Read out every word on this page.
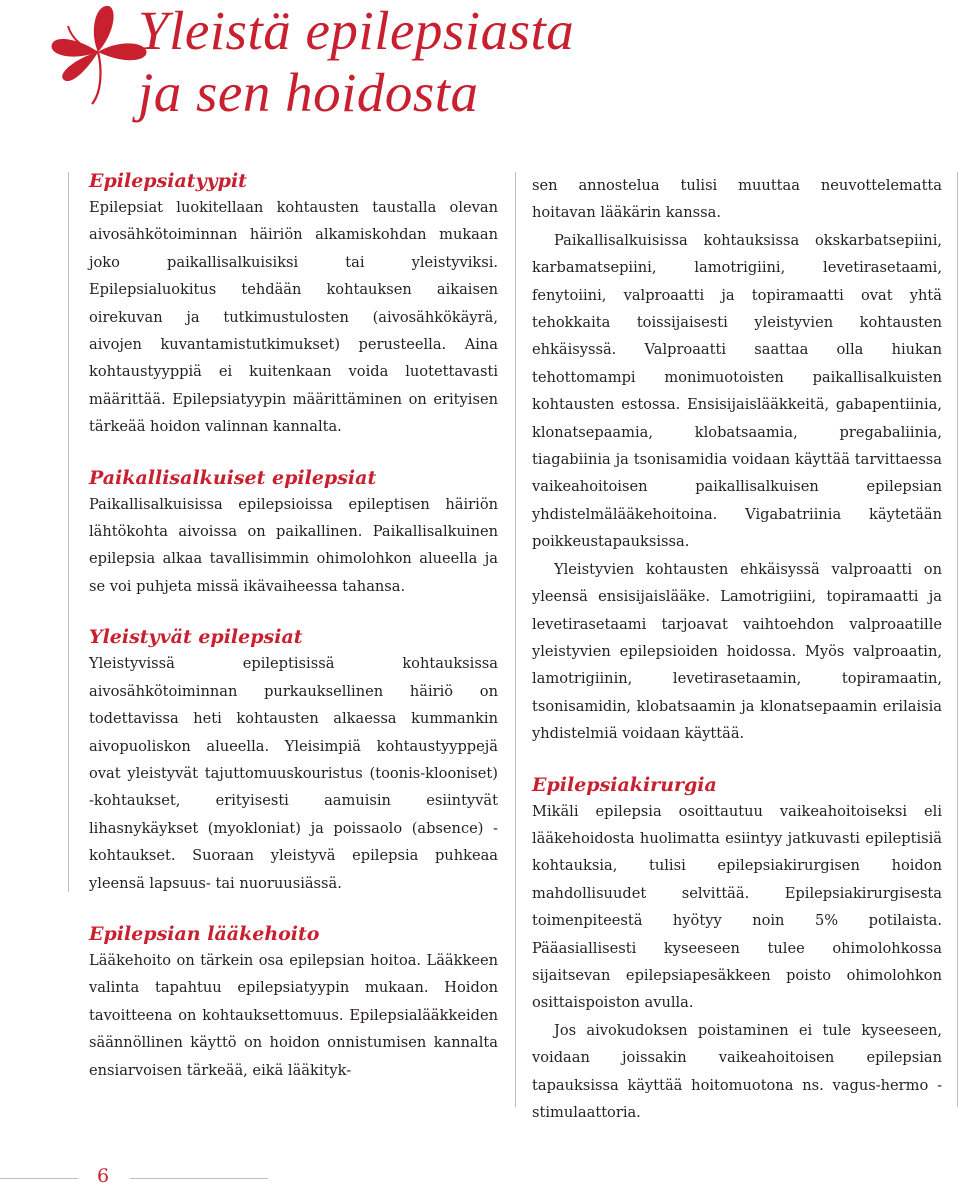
Yleistä epilepsiasta
ja sen hoidosta
Epilepsiatyypit

Epilepsiat luokitellaan kohtausten taustalla olevan aivosähkötoiminnan häiriön alkamiskohdan mukaan joko paikallisalkuisiksi tai yleistyviksi. Epilepsialuokitus tehdään kohtauksen aikaisen oirekuvan ja tutkimustulosten (aivosähkökäyrä, aivojen kuvantamistutkimukset) perusteella. Aina kohtaustyyppiä ei kuitenkaan voida luotettavasti määrittää. Epilepsiatyypin määrittäminen on erityisen tärkeää hoidon valinnan kannalta.

Paikallisalkuiset epilepsiat

Paikallisalkuisissa epilepsioissa epileptisen häiriön lähtökohta aivoissa on paikallinen. Paikallisalkuinen epilepsia alkaa tavallisimmin ohimolohkon alueella ja se voi puhjeta missä ikävaiheessa tahansa.

Yleistyvät epilepsiat

Yleistyvissä epileptisissä kohtauksissa aivosähkötoiminnan purkauksellinen häiriö on todettavissa heti kohtausten alkaessa kummankin aivopuoliskon alueella. Yleisimpiä kohtaustyyppejä ovat yleistyvät tajuttomuuskouristus (toonis-klooniset) -kohtaukset, erityisesti aamuisin esiintyvät lihasnykäykset (myokloniat) ja poissaolo (absence) -kohtaukset. Suoraan yleistyvä epilepsia puhkeaa yleensä lapsuus- tai nuoruusiässä.

Epilepsian lääkehoito

Lääkehoito on tärkein osa epilepsian hoitoa. Lääkkeen valinta tapahtuu epilepsiatyypin mukaan. Hoidon tavoitteena on kohtauksettomuus. Epilepsialääkkeiden säännöllinen käyttö on hoidon onnistumisen kannalta ensiarvoisen tärkeää, eikä lääkityk-

sen annostelua tulisi muuttaa neuvottelematta hoitavan lääkärin kanssa.

Paikallisalkuisissa kohtauksissa okskarbatsepiini, karbamatsepiini, lamotrigiini, levetirasetaami, fenytoiini, valproaatti ja topiramaatti ovat yhtä tehokkaita toissijaisesti yleistyvien kohtausten ehkäisyssä. Valproaatti saattaa olla hiukan tehottomampi monimuotoisten paikallisalkuisten kohtausten estossa. Ensisijaislääkkeitä, gabapentiinia, klonatsepaamia, klobatsaamia, pregabaliinia, tiagabiinia ja tsonisamidia voidaan käyttää tarvittaessa vaikeahoitoisen paikallisalkuisen epilepsian yhdistelmälääkehoitoina. Vigabatriinia käytetään poikkeustapauksissa.

Yleistyvien kohtausten ehkäisyssä valproaatti on yleensä ensisijaislääke. Lamotrigiini, topiramaatti ja levetirasetaami tarjoavat vaihtoehdon valproaatille yleistyvien epilepsioiden hoidossa. Myös valproaatin, lamotrigiinin, levetirasetaamin, topiramaatin, tsonisamidin, klobatsaamin ja klonatsepaamin erilaisia yhdistelmiä voidaan käyttää.

Epilepsiakirurgia

Mikäli epilepsia osoittautuu vaikeahoitoiseksi eli lääkehoidosta huolimatta esiintyy jatkuvasti epileptisiä kohtauksia, tulisi epilepsiakirurgisen hoidon mahdollisuudet selvittää. Epilepsiakirurgisesta toimenpiteestä hyötyy noin 5% potilaista. Pääasiallisesti kyseeseen tulee ohimolohkossa sijaitsevan epilepsiapesäkkeen poisto ohimolohkon osittaispoiston avulla.

Jos aivokudoksen poistaminen ei tule kyseeseen, voidaan joissakin vaikeahoitoisen epilepsian tapauksissa käyttää hoitomuotona ns. vagus-hermo -stimulaattoria.

6
